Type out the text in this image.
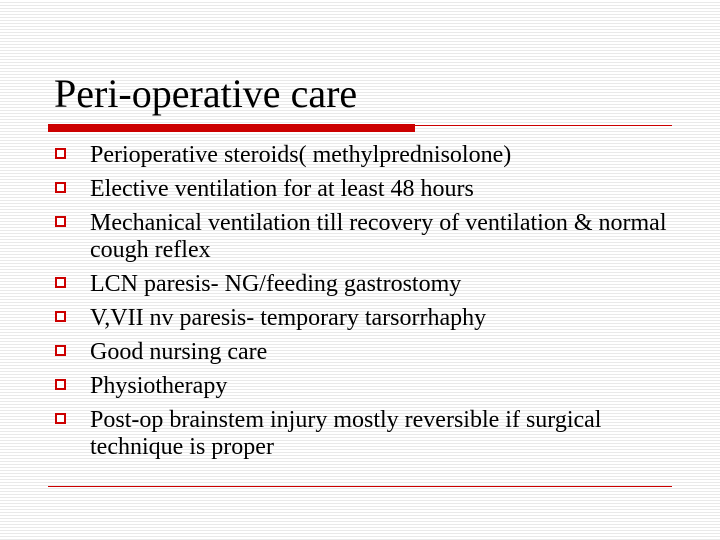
Peri-operative care
Perioperative steroids( methylprednisolone)
Elective ventilation for at least 48 hours
Mechanical ventilation till recovery of ventilation & normal cough reflex
LCN paresis- NG/feeding gastrostomy
V,VII nv paresis- temporary tarsorrhaphy
Good nursing care
Physiotherapy
Post-op brainstem injury mostly reversible if surgical technique is proper
